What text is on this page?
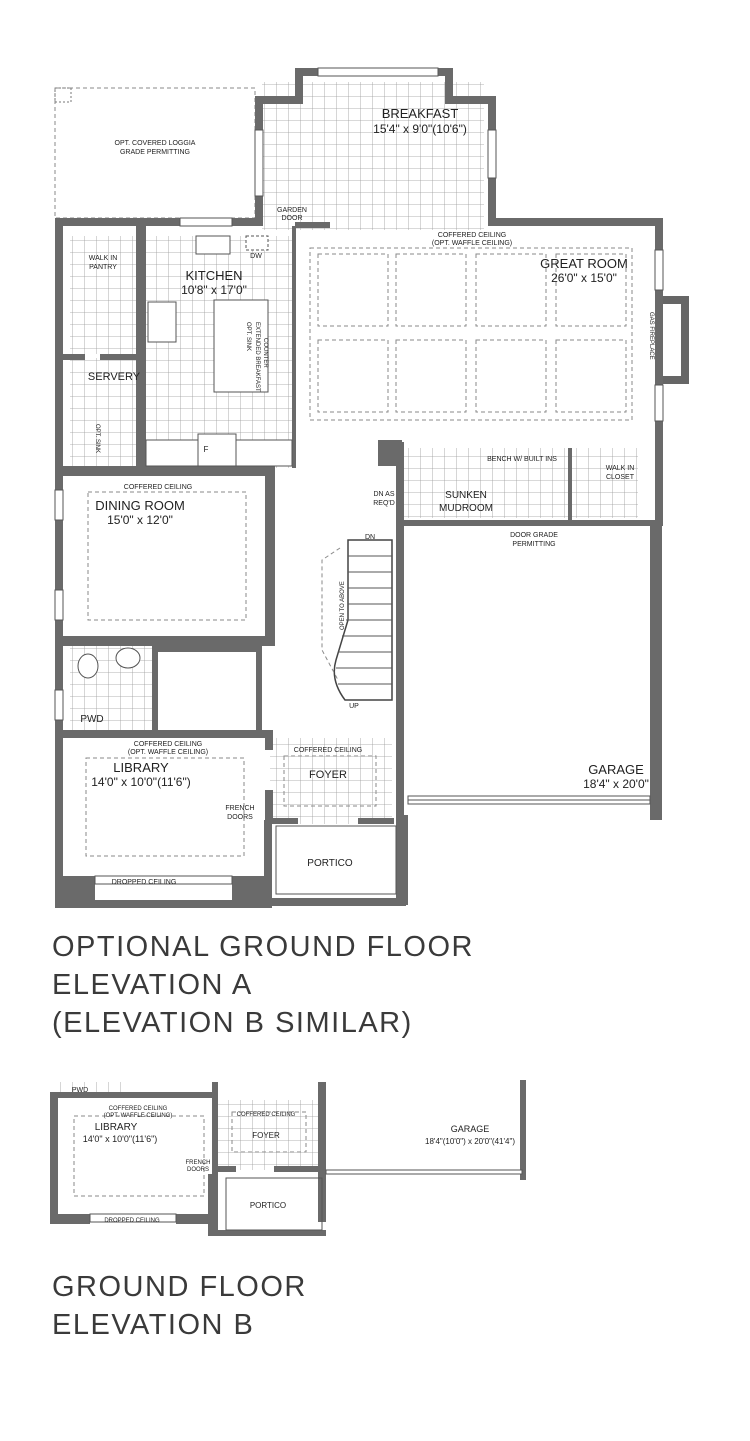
BREAKFAST
15'4" x 9'0"(10'6")
OPT. COVERED LOGGIA
GRADE PERMITTING
GARDEN
DOOR
COFFERED CEILING
(OPT. WAFFLE CEILING)
GREAT ROOM
26'0" x 15'0"
WALK IN
PANTRY
DW
KITCHEN
10'8" x 17'0"
SERVERY
F
COFFERED CEILING
DINING ROOM
15'0" x 12'0"
BENCH W/ BUILT INS
WALK IN
CLOSET
DN AS
REQ'D
SUNKEN
MUDROOM
DN	DOOR GRADE
PERMITTING
UP
PWD
COFFERED CEILING
(OPT. WAFFLE CEILING)
LIBRARY
14'0" x 10'0"(11'6")
COFFERED CEILING
FOYER
FRENCH
DOORS
GARAGE
18'4" x 20'0"
PORTICO
DROPPED CEILING
OPT. SINK EXTENDED BREAKFAST COUNTER
OPT. SINK
GAS FIREPLACE
OPEN TO ABOVE
OPTIONAL GROUND FLOOR
ELEVATION A
(ELEVATION B SIMILAR)
PWD
COFFERED CEILING
(OPT. WAFFLE CEILING)
LIBRARY
14'0" x 10'0"(11'6")
COFFERED CEILING
FOYER
FRENCH
DOORS
GARAGE
18'4"(10'0") x 20'0"(41'4")
PORTICO
DROPPED CEILING
GROUND FLOOR
ELEVATION B
